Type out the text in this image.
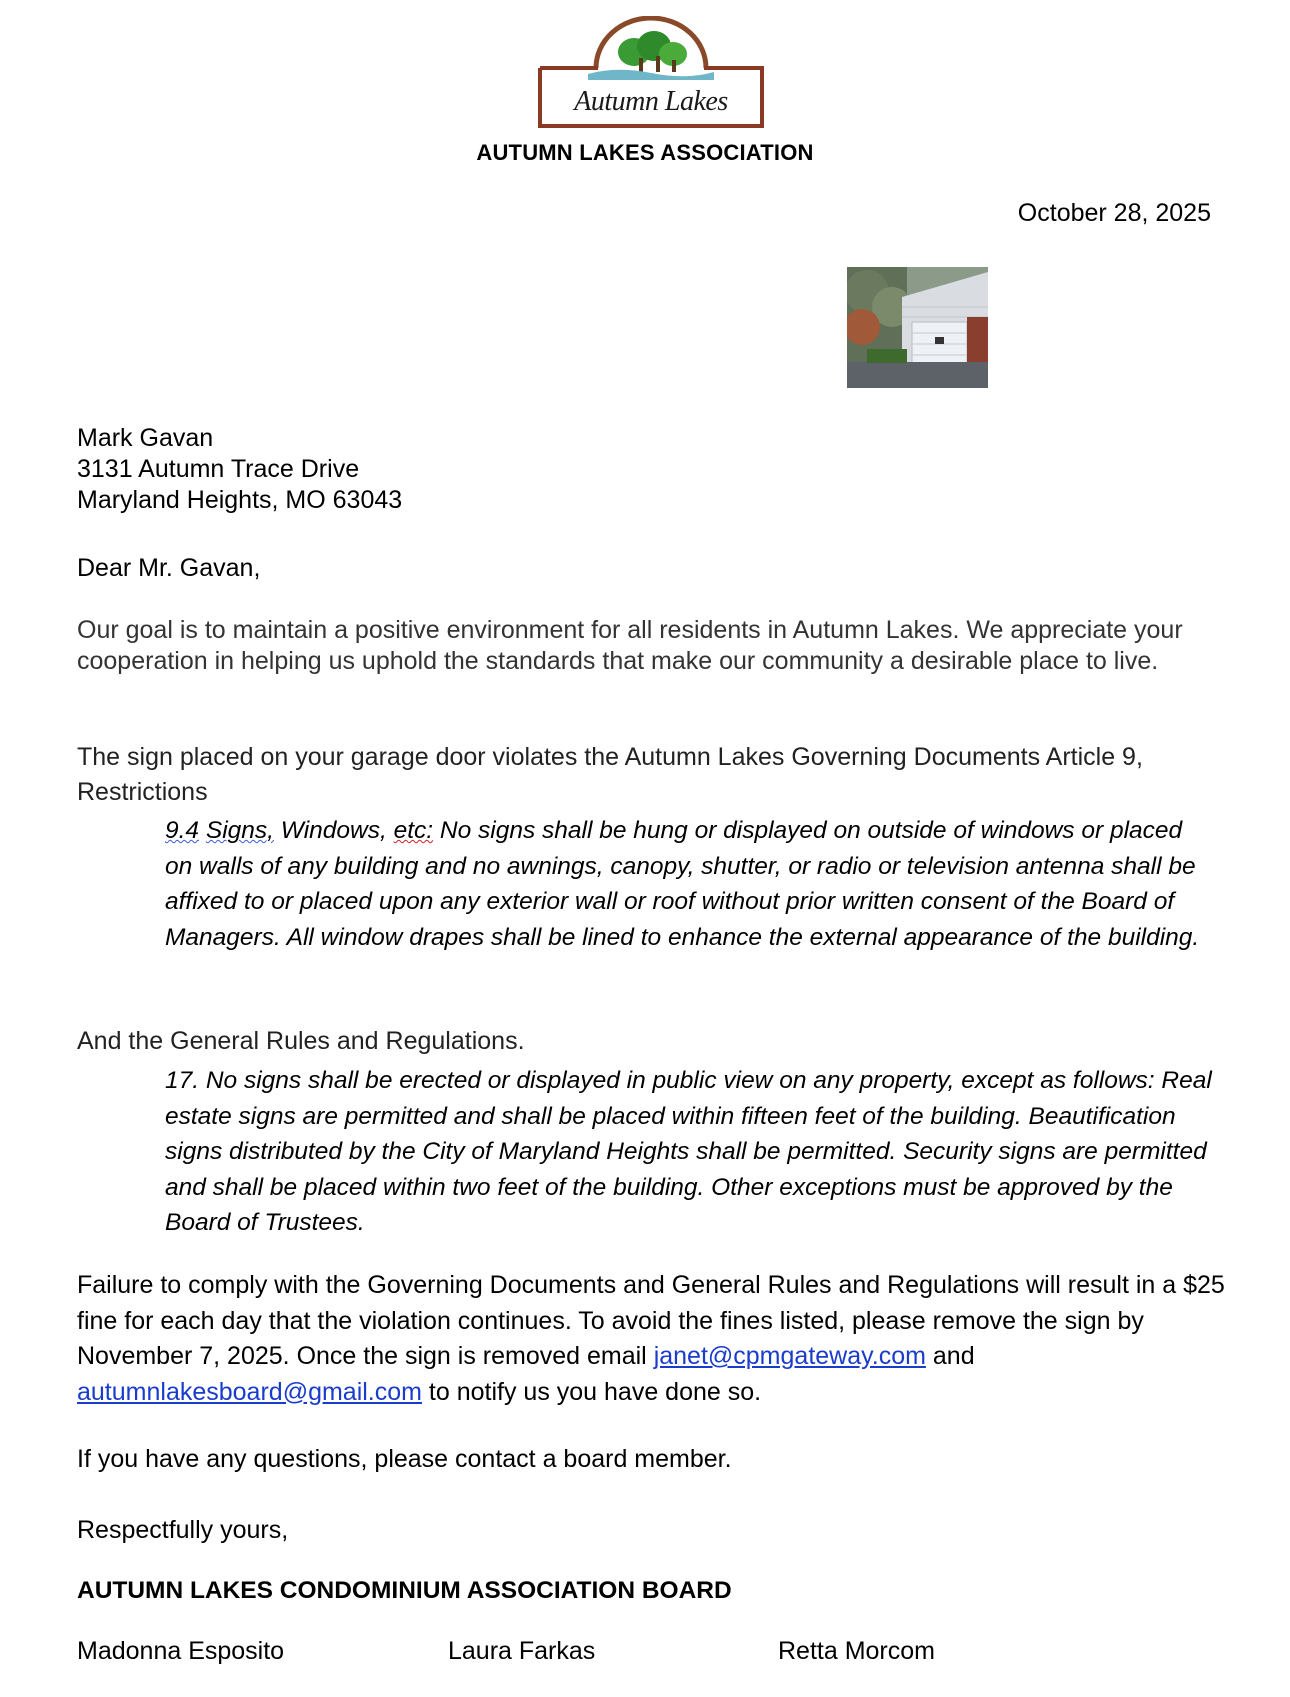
Autumn Lakes
AUTUMN LAKES ASSOCIATION
October 28, 2025
Mark Gavan
3131 Autumn Trace Drive
Maryland Heights, MO 63043
Dear Mr. Gavan,
Our goal is to maintain a positive environment for all residents in Autumn Lakes. We appreciate your cooperation in helping us uphold the standards that make our community a desirable place to live.
The sign placed on your garage door violates the Autumn Lakes Governing Documents Article 9, Restrictions
9.4 Signs, Windows, etc: No signs shall be hung or displayed on outside of windows or placed on walls of any building and no awnings, canopy, shutter, or radio or television antenna shall be affixed to or placed upon any exterior wall or roof without prior written consent of the Board of Managers. All window drapes shall be lined to enhance the external appearance of the building.
And the General Rules and Regulations.
17. No signs shall be erected or displayed in public view on any property, except as follows: Real estate signs are permitted and shall be placed within fifteen feet of the building. Beautification signs distributed by the City of Maryland Heights shall be permitted. Security signs are permitted and shall be placed within two feet of the building. Other exceptions must be approved by the Board of Trustees.
Failure to comply with the Governing Documents and General Rules and Regulations will result in a $25 fine for each day that the violation continues. To avoid the fines listed, please remove the sign by November 7, 2025. Once the sign is removed email janet@cpmgateway.com and autumnlakesboard@gmail.com to notify us you have done so.
If you have any questions, please contact a board member.
Respectfully yours,
AUTUMN LAKES CONDOMINIUM ASSOCIATION BOARD
Madonna Esposito	Laura Farkas	Retta Morcom
